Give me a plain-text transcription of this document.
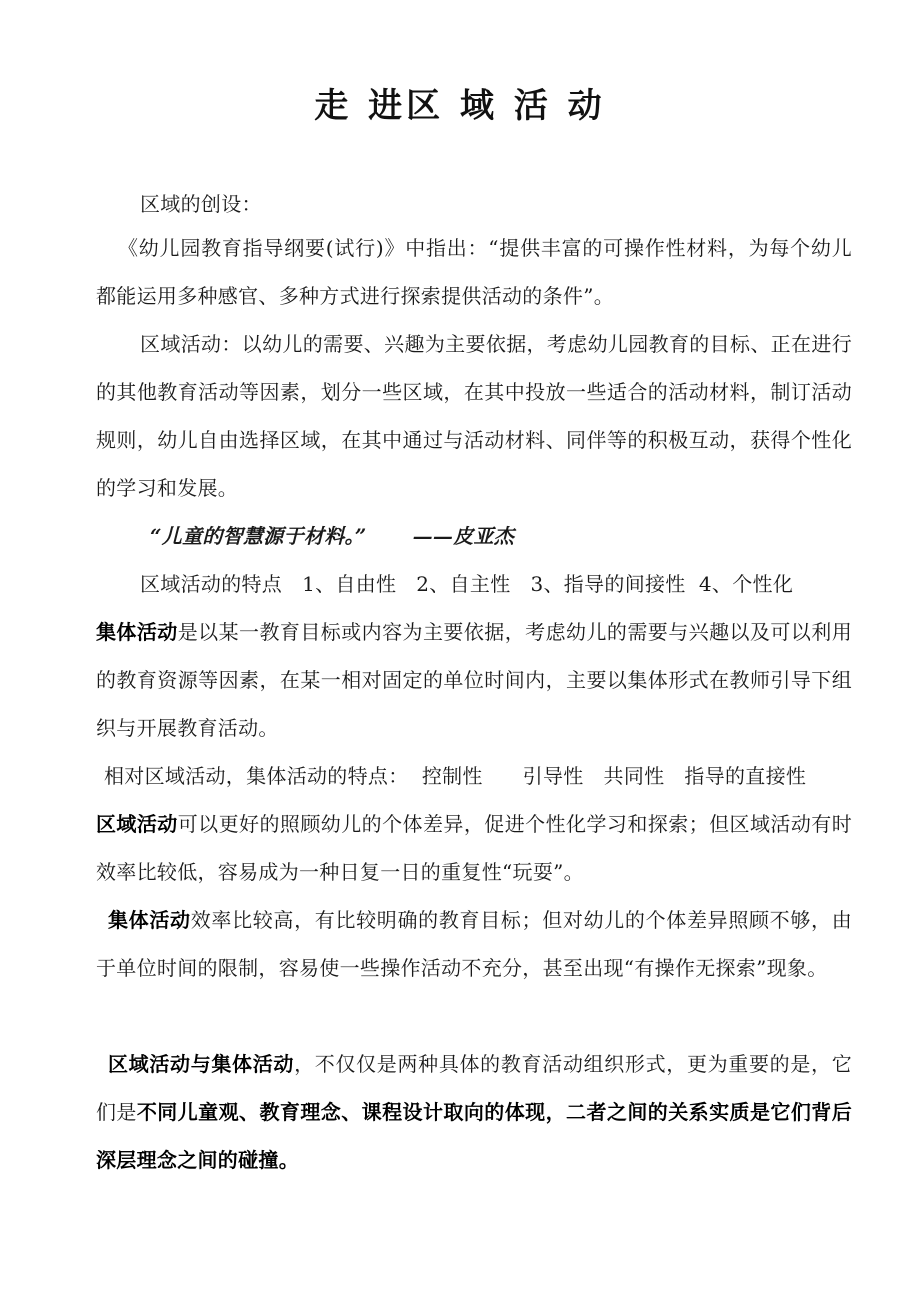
走 进区 域 活 动

区域的创设：

《幼儿园教育指导纲要(试行)》中指出：“提供丰富的可操作性材料，为每个幼儿都能运用多种感官、多种方式进行探索提供活动的条件”。

区域活动：以幼儿的需要、兴趣为主要依据，考虑幼儿园教育的目标、正在进行的其他教育活动等因素，划分一些区域，在其中投放一些适合的活动材料，制订活动规则，幼儿自由选择区域，在其中通过与活动材料、同伴等的积极互动，获得个性化的学习和发展。

“儿童的智慧源于材料。” ——皮亚杰

区域活动的特点   1、自由性   2、自主性   3、指导的间接性  4、个性化

集体活动是以某一教育目标或内容为主要依据，考虑幼儿的需要与兴趣以及可以利用的教育资源等因素，在某一相对固定的单位时间内，主要以集体形式在教师引导下组织与开展教育活动。

相对区域活动，集体活动的特点：  控制性      引导性   共同性   指导的直接性

区域活动可以更好的照顾幼儿的个体差异，促进个性化学习和探索；但区域活动有时效率比较低，容易成为一种日复一日的重复性“玩耍”。

集体活动效率比较高，有比较明确的教育目标；但对幼儿的个体差异照顾不够，由于单位时间的限制，容易使一些操作活动不充分，甚至出现“有操作无探索”现象。

区域活动与集体活动，不仅仅是两种具体的教育活动组织形式，更为重要的是，它们是不同儿童观、教育理念、课程设计取向的体现，二者之间的关系实质是它们背后深层理念之间的碰撞。
